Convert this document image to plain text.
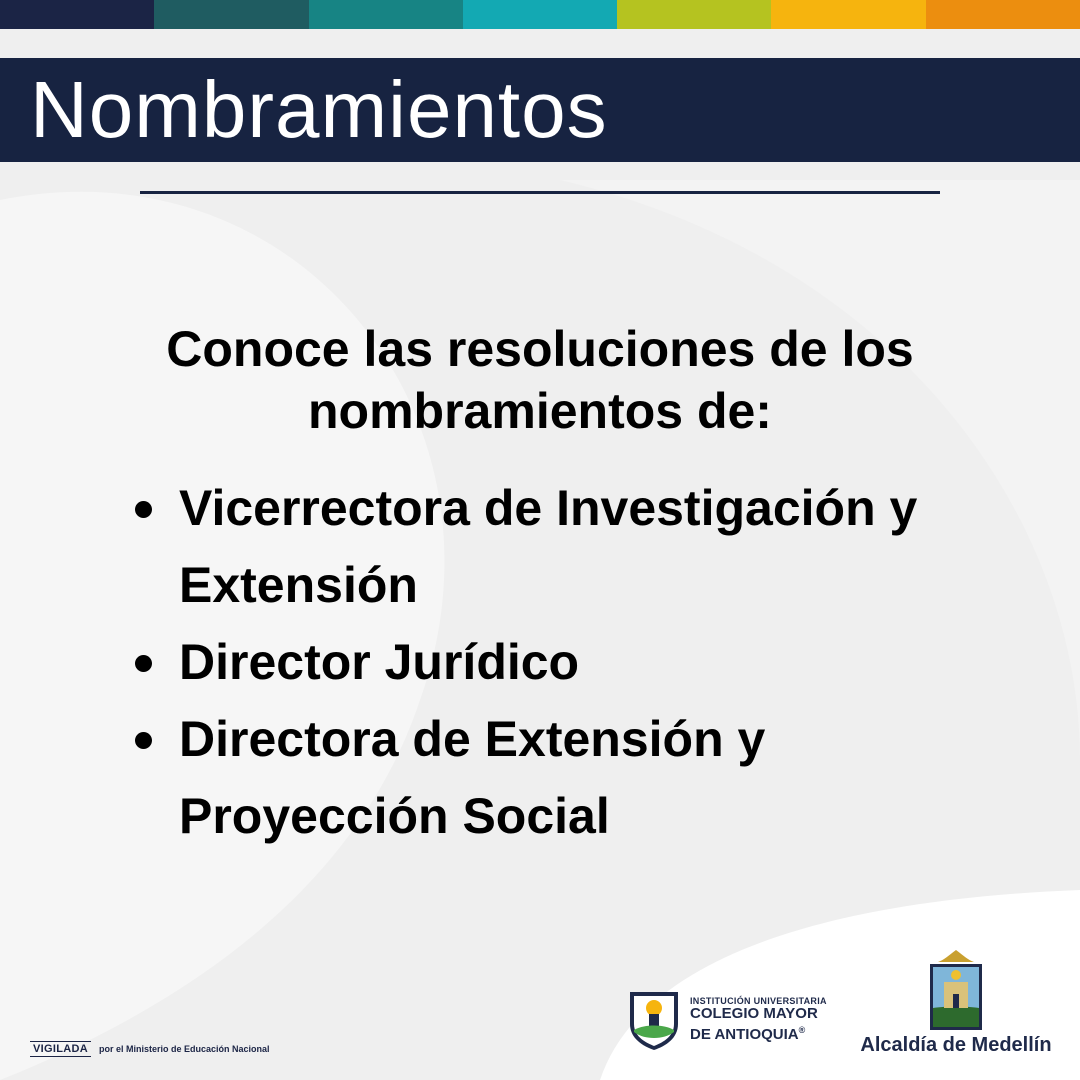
Nombramientos
Conoce las resoluciones de los nombramientos de:
Vicerrectora de Investigación y Extensión
Director Jurídico
Directora de Extensión y Proyección Social
VIGILADA	por el Ministerio de Educación Nacional
INSTITUCIÓN UNIVERSITARIA
COLEGIO MAYOR
DE ANTIOQUIA®
Alcaldía de Medellín
